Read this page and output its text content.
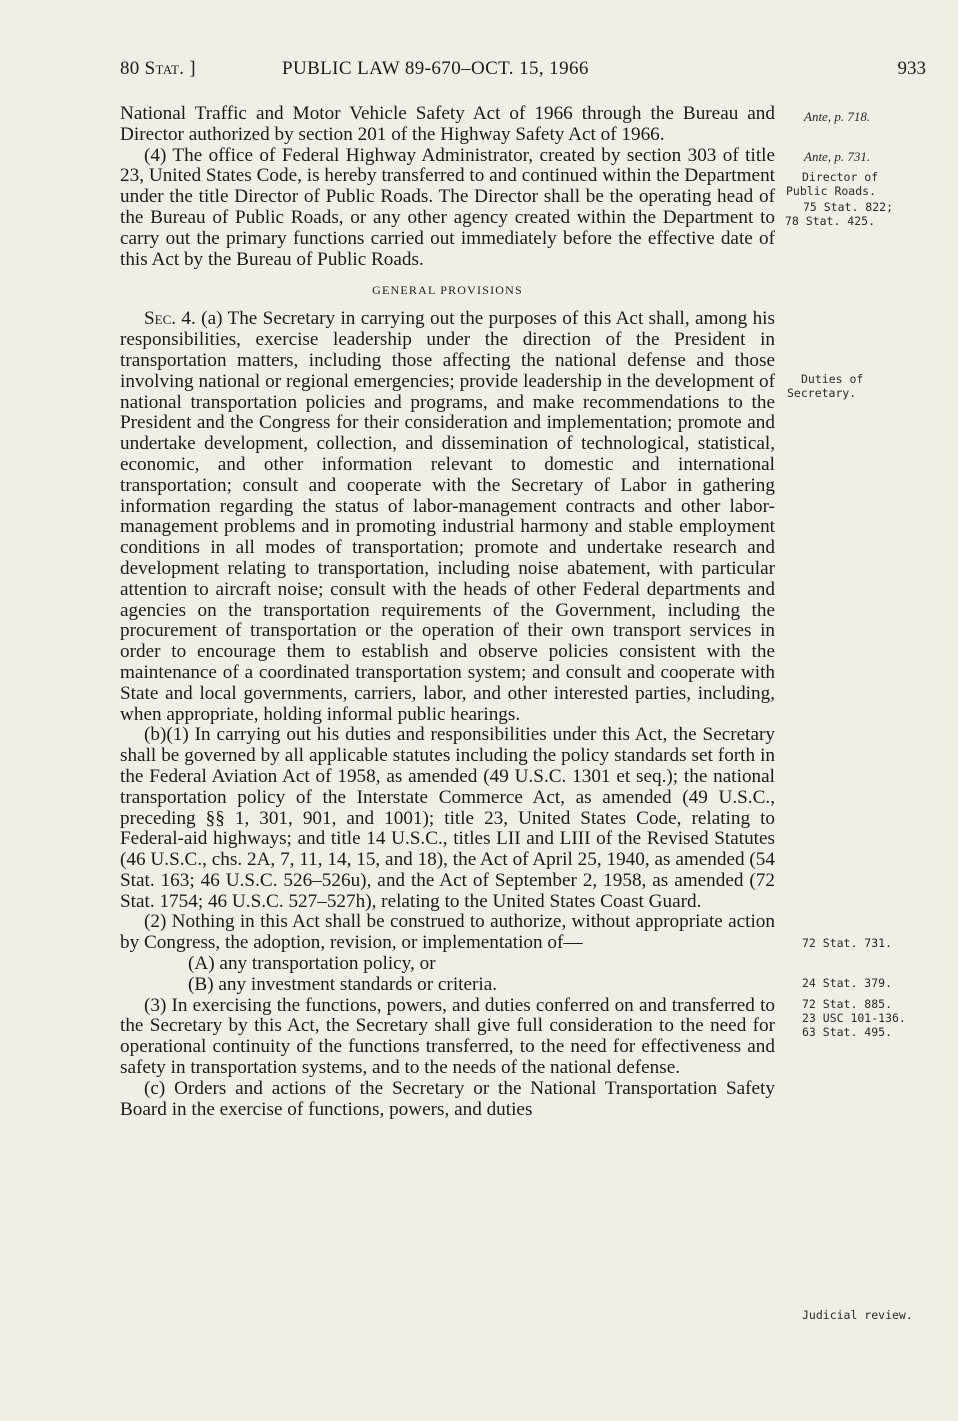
80 Stat. ]	PUBLIC LAW 89-670–OCT. 15, 1966	933

National Traffic and Motor Vehicle Safety Act of 1966 through the Bureau and Director authorized by section 201 of the Highway Safety Act of 1966.

(4) The office of Federal Highway Administrator, created by section 303 of title 23, United States Code, is hereby transferred to and continued within the Department under the title Director of Public Roads. The Director shall be the operating head of the Bureau of Public Roads, or any other agency created within the Department to carry out the primary functions carried out immediately before the effective date of this Act by the Bureau of Public Roads.

GENERAL PROVISIONS

Sec. 4. (a) The Secretary in carrying out the purposes of this Act shall, among his responsibilities, exercise leadership under the direction of the President in transportation matters, including those affecting the national defense and those involving national or regional emergencies; provide leadership in the development of national transportation policies and programs, and make recommendations to the President and the Congress for their consideration and implementation; promote and undertake development, collection, and dissemination of technological, statistical, economic, and other information relevant to domestic and international transportation; consult and cooperate with the Secretary of Labor in gathering information regarding the status of labor-management contracts and other labor-management problems and in promoting industrial harmony and stable employment conditions in all modes of transportation; promote and undertake research and development relating to transportation, including noise abatement, with particular attention to aircraft noise; consult with the heads of other Federal departments and agencies on the transportation requirements of the Government, including the procurement of transportation or the operation of their own transport services in order to encourage them to establish and observe policies consistent with the maintenance of a coordinated transportation system; and consult and cooperate with State and local governments, carriers, labor, and other interested parties, including, when appropriate, holding informal public hearings.

(b)(1) In carrying out his duties and responsibilities under this Act, the Secretary shall be governed by all applicable statutes including the policy standards set forth in the Federal Aviation Act of 1958, as amended (49 U.S.C. 1301 et seq.); the national transportation policy of the Interstate Commerce Act, as amended (49 U.S.C., preceding §§ 1, 301, 901, and 1001); title 23, United States Code, relating to Federal-aid highways; and title 14 U.S.C., titles LII and LIII of the Revised Statutes (46 U.S.C., chs. 2A, 7, 11, 14, 15, and 18), the Act of April 25, 1940, as amended (54 Stat. 163; 46 U.S.C. 526–526u), and the Act of September 2, 1958, as amended (72 Stat. 1754; 46 U.S.C. 527–527h), relating to the United States Coast Guard.

(2) Nothing in this Act shall be construed to authorize, without appropriate action by Congress, the adoption, revision, or implementation of—

(A) any transportation policy, or

(B) any investment standards or criteria.

(3) In exercising the functions, powers, and duties conferred on and transferred to the Secretary by this Act, the Secretary shall give full consideration to the need for operational continuity of the functions transferred, to the need for effectiveness and safety in transportation systems, and to the needs of the national defense.

(c) Orders and actions of the Secretary or the National Transportation Safety Board in the exercise of functions, powers, and duties

Ante, p. 718.
Ante, p. 731.
Director of
Public Roads.
75 Stat. 822;
78 Stat. 425.
Duties of
Secretary.
72 Stat. 731.
24 Stat. 379.
72 Stat. 885.
23 USC 101-136.
63 Stat. 495.
Judicial review.
